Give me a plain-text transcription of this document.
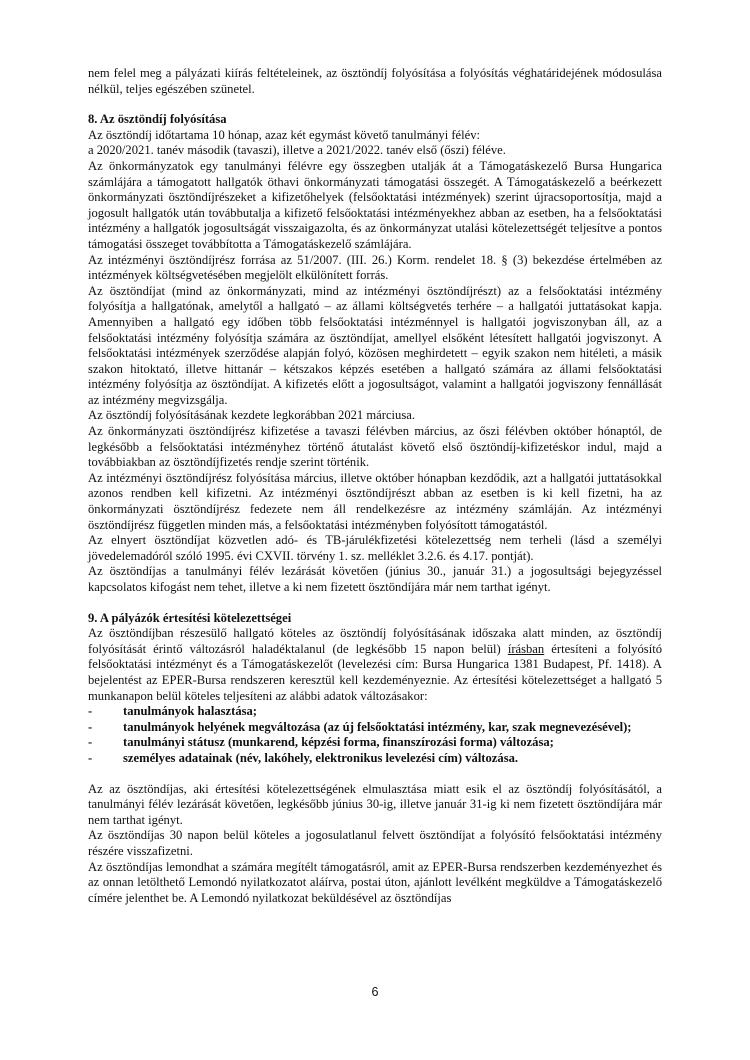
nem felel meg a pályázati kiírás feltételeinek, az ösztöndíj folyósítása a folyósítás véghatáridejének módosulása nélkül, teljes egészében szünetel.

8. Az ösztöndíj folyósítása

Az ösztöndíj időtartama 10 hónap, azaz két egymást követő tanulmányi félév:

a 2020/2021. tanév második (tavaszi), illetve a 2021/2022. tanév első (őszi) féléve.

Az önkormányzatok egy tanulmányi félévre egy összegben utalják át a Támogatáskezelő Bursa Hungarica számlájára a támogatott hallgatók öthavi önkormányzati támogatási összegét. A Támogatáskezelő a beérkezett önkormányzati ösztöndíjrészeket a kifizetőhelyek (felsőoktatási intézmények) szerint újracsoportosítja, majd a jogosult hallgatók után továbbutalja a kifizető felsőoktatási intézményekhez abban az esetben, ha a felsőoktatási intézmény a hallgatók jogosultságát visszaigazolta, és az önkormányzat utalási kötelezettségét teljesítve a pontos támogatási összeget továbbította a Támogatáskezelő számlájára.

Az intézményi ösztöndíjrész forrása az 51/2007. (III. 26.) Korm. rendelet 18. § (3) bekezdése értelmében az intézmények költségvetésében megjelölt elkülönített forrás.

Az ösztöndíjat (mind az önkormányzati, mind az intézményi ösztöndíjrészt) az a felsőoktatási intézmény folyósítja a hallgatónak, amelytől a hallgató – az állami költségvetés terhére – a hallgatói juttatásokat kapja. Amennyiben a hallgató egy időben több felsőoktatási intézménnyel is hallgatói jogviszonyban áll, az a felsőoktatási intézmény folyósítja számára az ösztöndíjat, amellyel elsőként létesített hallgatói jogviszonyt. A felsőoktatási intézmények szerződése alapján folyó, közösen meghirdetett – egyik szakon nem hitéleti, a másik szakon hitoktató, illetve hittanár – kétszakos képzés esetében a hallgató számára az állami felsőoktatási intézmény folyósítja az ösztöndíjat. A kifizetés előtt a jogosultságot, valamint a hallgatói jogviszony fennállását az intézmény megvizsgálja.

Az ösztöndíj folyósításának kezdete legkorábban 2021 márciusa.

Az önkormányzati ösztöndíjrész kifizetése a tavaszi félévben március, az őszi félévben október hónaptól, de legkésőbb a felsőoktatási intézményhez történő átutalást követő első ösztöndíj-kifizetéskor indul, majd a továbbiakban az ösztöndíjfizetés rendje szerint történik.

Az intézményi ösztöndíjrész folyósítása március, illetve október hónapban kezdődik, azt a hallgatói juttatásokkal azonos rendben kell kifizetni. Az intézményi ösztöndíjrészt abban az esetben is ki kell fizetni, ha az önkormányzati ösztöndíjrész fedezete nem áll rendelkezésre az intézmény számláján. Az intézményi ösztöndíjrész független minden más, a felsőoktatási intézményben folyósított támogatástól.

Az elnyert ösztöndíjat közvetlen adó- és TB-járulékfizetési kötelezettség nem terheli (lásd a személyi jövedelemadóról szóló 1995. évi CXVII. törvény 1. sz. melléklet 3.2.6. és 4.17. pontját).

Az ösztöndíjas a tanulmányi félév lezárását követően (június 30., január 31.) a jogosultsági bejegyzéssel kapcsolatos kifogást nem tehet, illetve a ki nem fizetett ösztöndíjára már nem tarthat igényt.

9. A pályázók értesítési kötelezettségei

Az ösztöndíjban részesülő hallgató köteles az ösztöndíj folyósításának időszaka alatt minden, az ösztöndíj folyósítását érintő változásról haladéktalanul (de legkésőbb 15 napon belül) írásban értesíteni a folyósító felsőoktatási intézményt és a Támogatáskezelőt (levelezési cím: Bursa Hungarica 1381 Budapest, Pf. 1418). A bejelentést az EPER-Bursa rendszeren keresztül kell kezdeményeznie. Az értesítési kötelezettséget a hallgató 5 munkanapon belül köteles teljesíteni az alábbi adatok változásakor:

- tanulmányok halasztása;
- tanulmányok helyének megváltozása (az új felsőoktatási intézmény, kar, szak megnevezésével);
- tanulmányi státusz (munkarend, képzési forma, finanszírozási forma) változása;
- személyes adatainak (név, lakóhely, elektronikus levelezési cím) változása.

Az az ösztöndíjas, aki értesítési kötelezettségének elmulasztása miatt esik el az ösztöndíj folyósításától, a tanulmányi félév lezárását követően, legkésőbb június 30-ig, illetve január 31-ig ki nem fizetett ösztöndíjára már nem tarthat igényt.

Az ösztöndíjas 30 napon belül köteles a jogosulatlanul felvett ösztöndíjat a folyósító felsőoktatási intézmény részére visszafizetni.

Az ösztöndíjas lemondhat a számára megítélt támogatásról, amit az EPER-Bursa rendszerben kezdeményezhet és az onnan letölthető Lemondó nyilatkozatot aláírva, postai úton, ajánlott levélként megküldve a Támogatáskezelő címére jelenthet be. A Lemondó nyilatkozat beküldésével az ösztöndíjas

6
